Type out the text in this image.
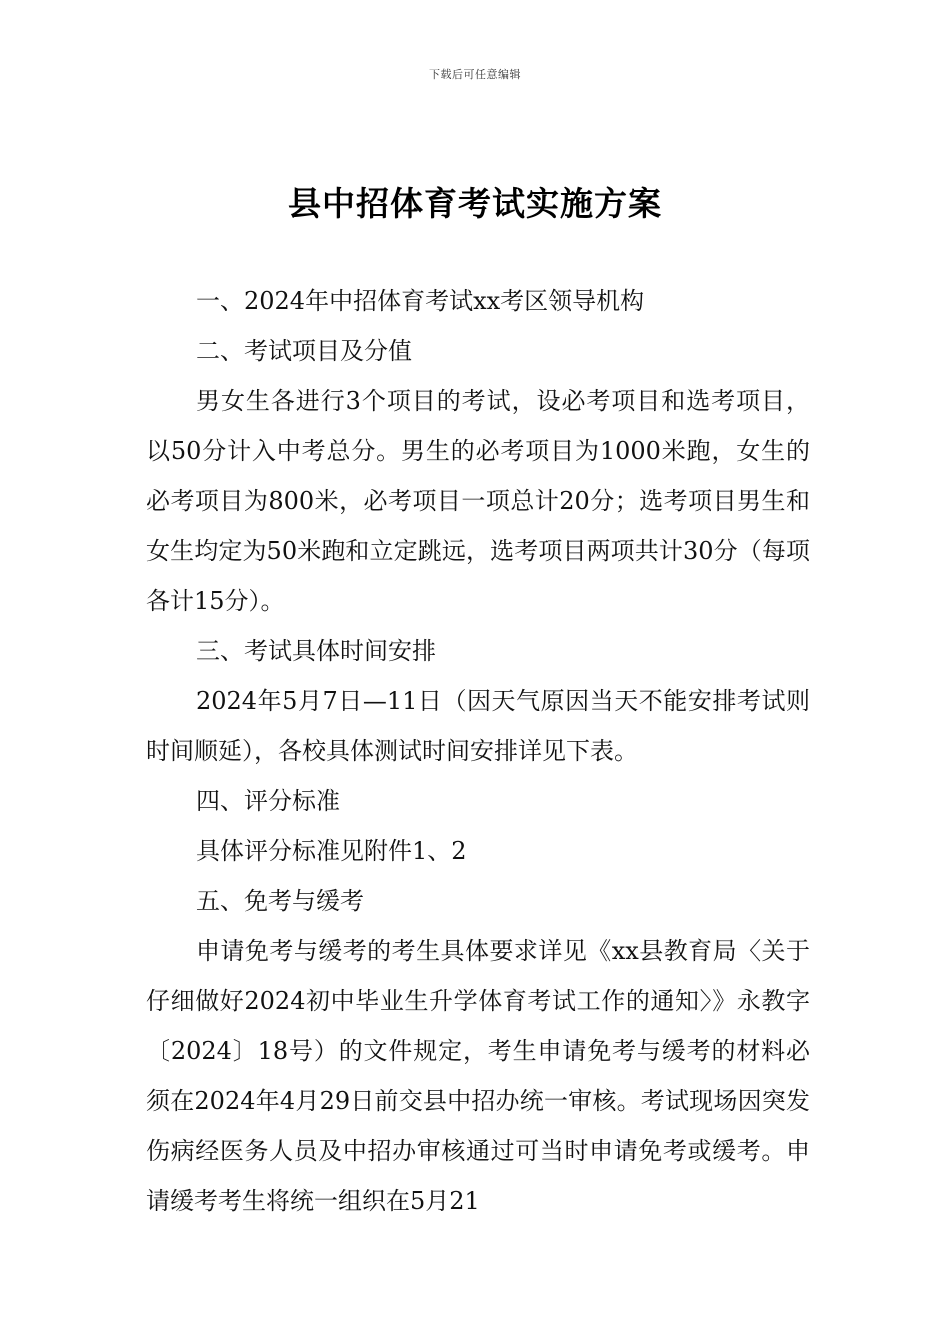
下载后可任意编辑
县中招体育考试实施方案

一、2024年中招体育考试xx考区领导机构

二、考试项目及分值

男女生各进行3个项目的考试，设必考项目和选考项目，以50分计入中考总分。男生的必考项目为1000米跑，女生的必考项目为800米，必考项目一项总计20分；选考项目男生和女生均定为50米跑和立定跳远，选考项目两项共计30分（每项各计15分）。

三、考试具体时间安排

2024年5月7日—11日（因天气原因当天不能安排考试则时间顺延），各校具体测试时间安排详见下表。

四、评分标准

具体评分标准见附件1、2

五、免考与缓考

申请免考与缓考的考生具体要求详见《xx县教育局〈关于仔细做好2024初中毕业生升学体育考试工作的通知〉》永教字〔2024〕18号）的文件规定，考生申请免考与缓考的材料必须在2024年4月29日前交县中招办统一审核。考试现场因突发伤病经医务人员及中招办审核通过可当时申请免考或缓考。申请缓考考生将统一组织在5月21
